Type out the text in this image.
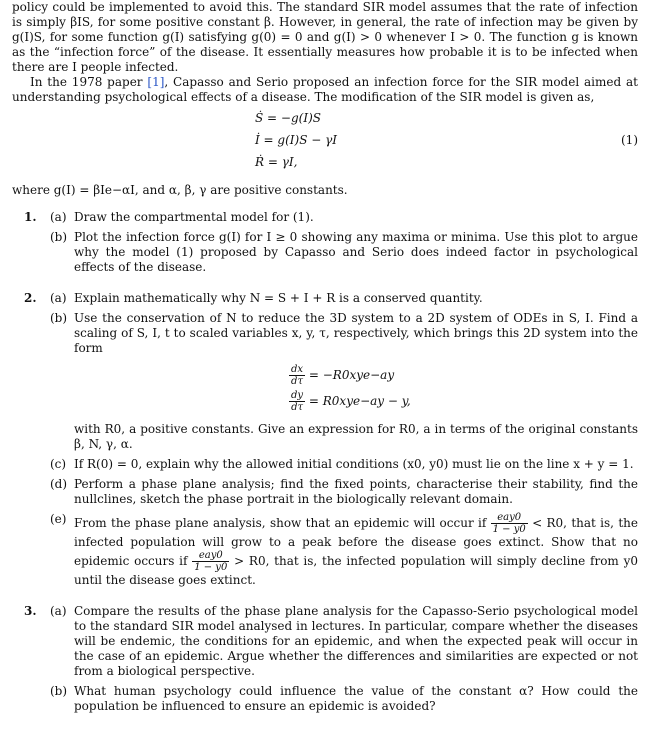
policy could be implemented to avoid this. The standard SIR model assumes that the rate of infection is simply βIS, for some positive constant β. However, in general, the rate of infection may be given by g(I)S, for some function g(I) satisfying g(0) = 0 and g(I) > 0 whenever I > 0. The function g is known as the “infection force” of the disease. It essentially measures how probable it is to be infected when there are I people infected.

In the 1978 paper [1], Capasso and Serio proposed an infection force for the SIR model aimed at understanding psychological effects of a disease. The modification of the SIR model is given as,

Ṡ = −g(I)S
İ = g(I)S − γI
Ṙ = γI,
(1)

where g(I) = βIe−αI, and α, β, γ are positive constants.

1. (a) Draw the compartmental model for (1).

(b) Plot the infection force g(I) for I ≥ 0 showing any maxima or minima. Use this plot to argue why the model (1) proposed by Capasso and Serio does indeed factor in psychological effects of the disease.

2. (a) Explain mathematically why N = S + I + R is a conserved quantity.

(b) Use the conservation of N to reduce the 3D system to a 2D system of ODEs in S, I. Find a scaling of S, I, t to scaled variables x, y, τ, respectively, which brings this 2D system into the form

$\frac{dx}{d\tau} = -R0xye-ay$
$\frac{dy}{d\tau} = R0xye-ay - y$,

with R0, a positive constants. Give an expression for R0, a in terms of the original constants β, N, γ, α.

(c) If R(0) = 0, explain why the allowed initial conditions (x0, y0) must lie on the line x + y = 1.

(d) Perform a phase plane analysis; find the fixed points, characterise their stability, find the nullclines, sketch the phase portrait in the biologically relevant domain.

(e) From the phase plane analysis, show that an epidemic will occur if $\frac{\text{eay0}}{1 - y0} < R0$, that is, the infected population will grow to a peak before the disease goes extinct. Show that no epidemic occurs if $\frac{\text{eay0}}{1 - y0} > R0$, that is, the infected population will simply decline from y0 until the disease goes extinct.

3. (a) Compare the results of the phase plane analysis for the Capasso-Serio psychological model to the standard SIR model analysed in lectures. In particular, compare whether the diseases will be endemic, the conditions for an epidemic, and when the expected peak will occur in the case of an epidemic. Argue whether the differences and similarities are expected or not from a biological perspective.

(b) What human psychology could influence the value of the constant α? How could the population be influenced to ensure an epidemic is avoided?
